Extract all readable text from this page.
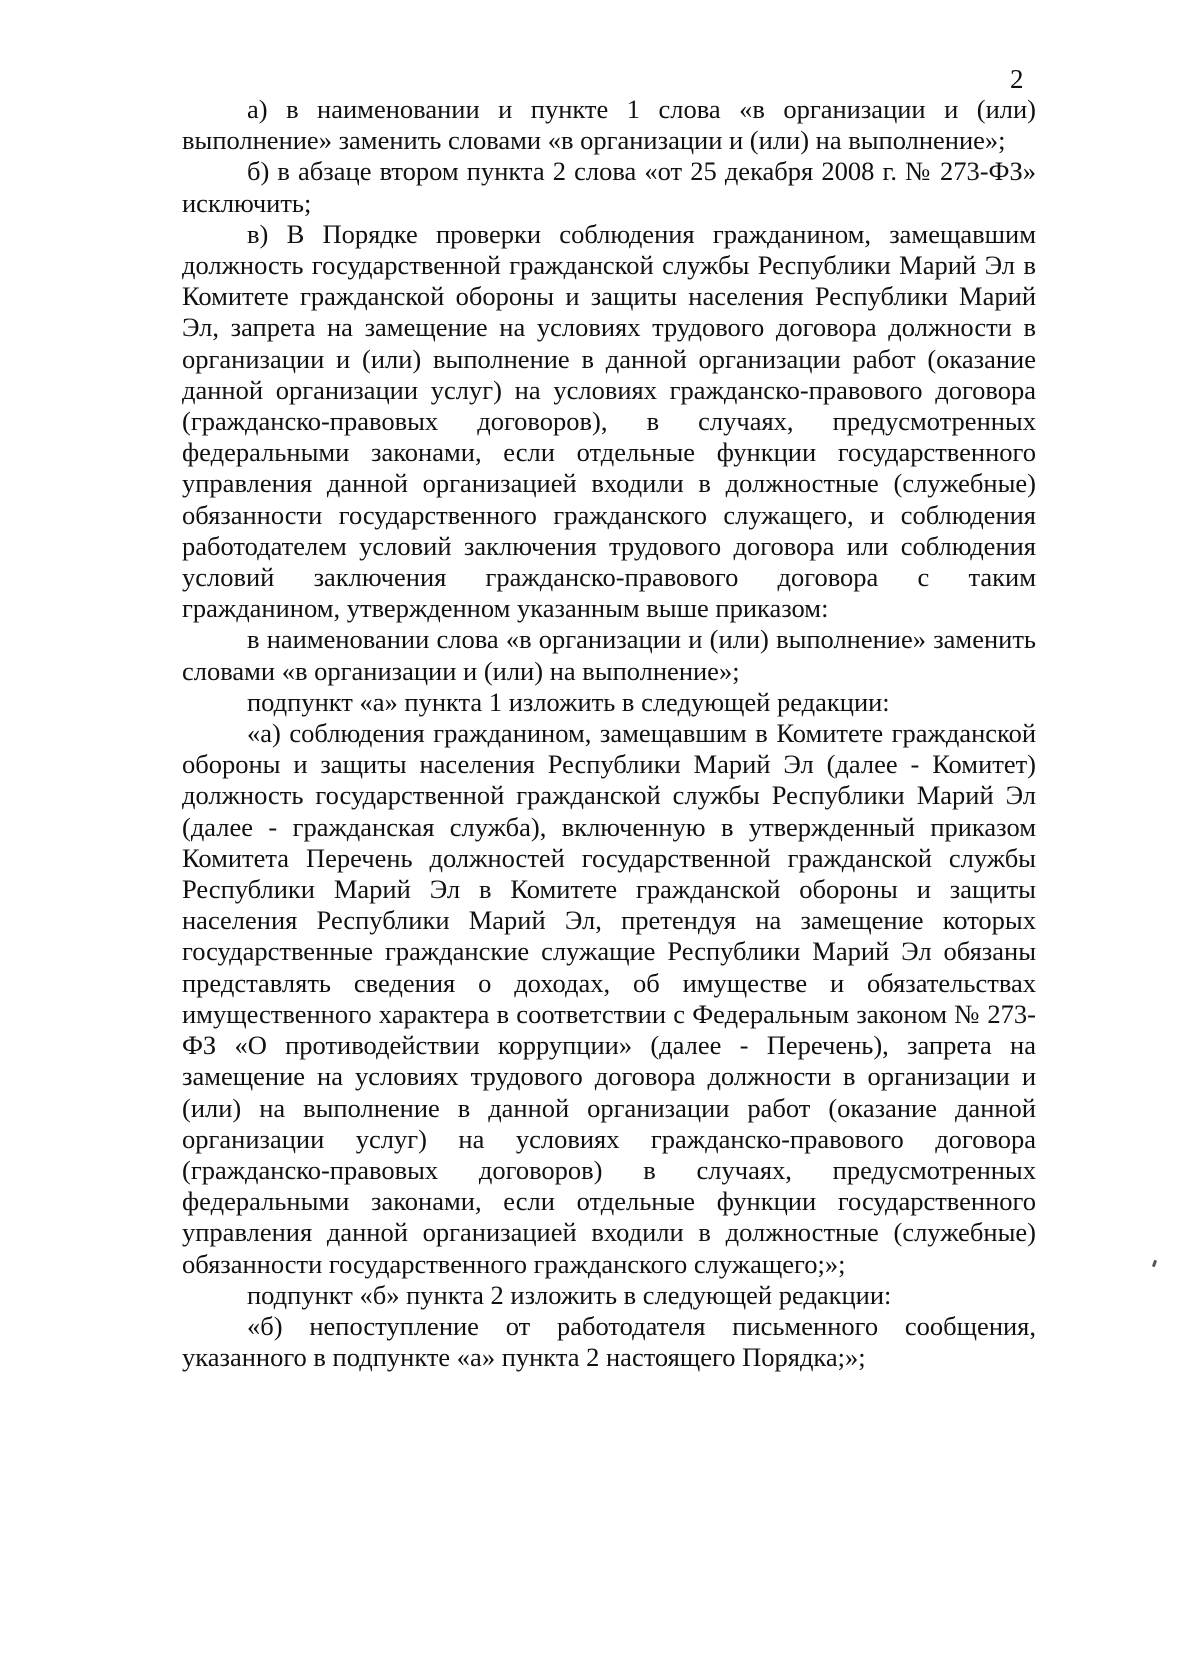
2

а) в наименовании и пункте 1 слова «в организации и (или) выполнение» заменить словами «в организации и (или) на выполнение»;

б) в абзаце втором пункта 2 слова «от 25 декабря 2008 г. № 273-ФЗ» исключить;

в) В Порядке проверки соблюдения гражданином, замещавшим должность государственной гражданской службы Республики Марий Эл в Комитете гражданской обороны и защиты населения Республики Марий Эл, запрета на замещение на условиях трудового договора должности в организации и (или) выполнение в данной организации работ (оказание данной организации услуг) на условиях гражданско-правового договора (гражданско-правовых договоров), в случаях, предусмотренных федеральными законами, если отдельные функции государственного управления данной организацией входили в должностные (служебные) обязанности государственного гражданского служащего, и соблюдения работодателем условий заключения трудового договора или соблюдения условий заключения гражданско-правового договора с таким гражданином, утвержденном указанным выше приказом:

в наименовании слова «в организации и (или) выполнение» заменить словами «в организации и (или) на выполнение»;

подпункт «а» пункта 1 изложить в следующей редакции:

«а) соблюдения гражданином, замещавшим в Комитете гражданской обороны и защиты населения Республики Марий Эл (далее - Комитет) должность государственной гражданской службы Республики Марий Эл (далее - гражданская служба), включенную в утвержденный приказом Комитета Перечень должностей государственной гражданской службы Республики Марий Эл в Комитете гражданской обороны и защиты населения Республики Марий Эл, претендуя на замещение которых государственные гражданские служащие Республики Марий Эл обязаны представлять сведения о доходах, об имуществе и обязательствах имущественного характера в соответствии с Федеральным законом № 273-ФЗ «О противодействии коррупции» (далее - Перечень), запрета на замещение на условиях трудового договора должности в организации и (или) на выполнение в данной организации работ (оказание данной организации услуг) на условиях гражданско-правового договора (гражданско-правовых договоров) в случаях, предусмотренных федеральными законами, если отдельные функции государственного управления данной организацией входили в должностные (служебные) обязанности государственного гражданского служащего;»;

подпункт «б» пункта 2 изложить в следующей редакции:

«б) непоступление от работодателя письменного сообщения, указанного в подпункте «а» пункта 2 настоящего Порядка;»;
